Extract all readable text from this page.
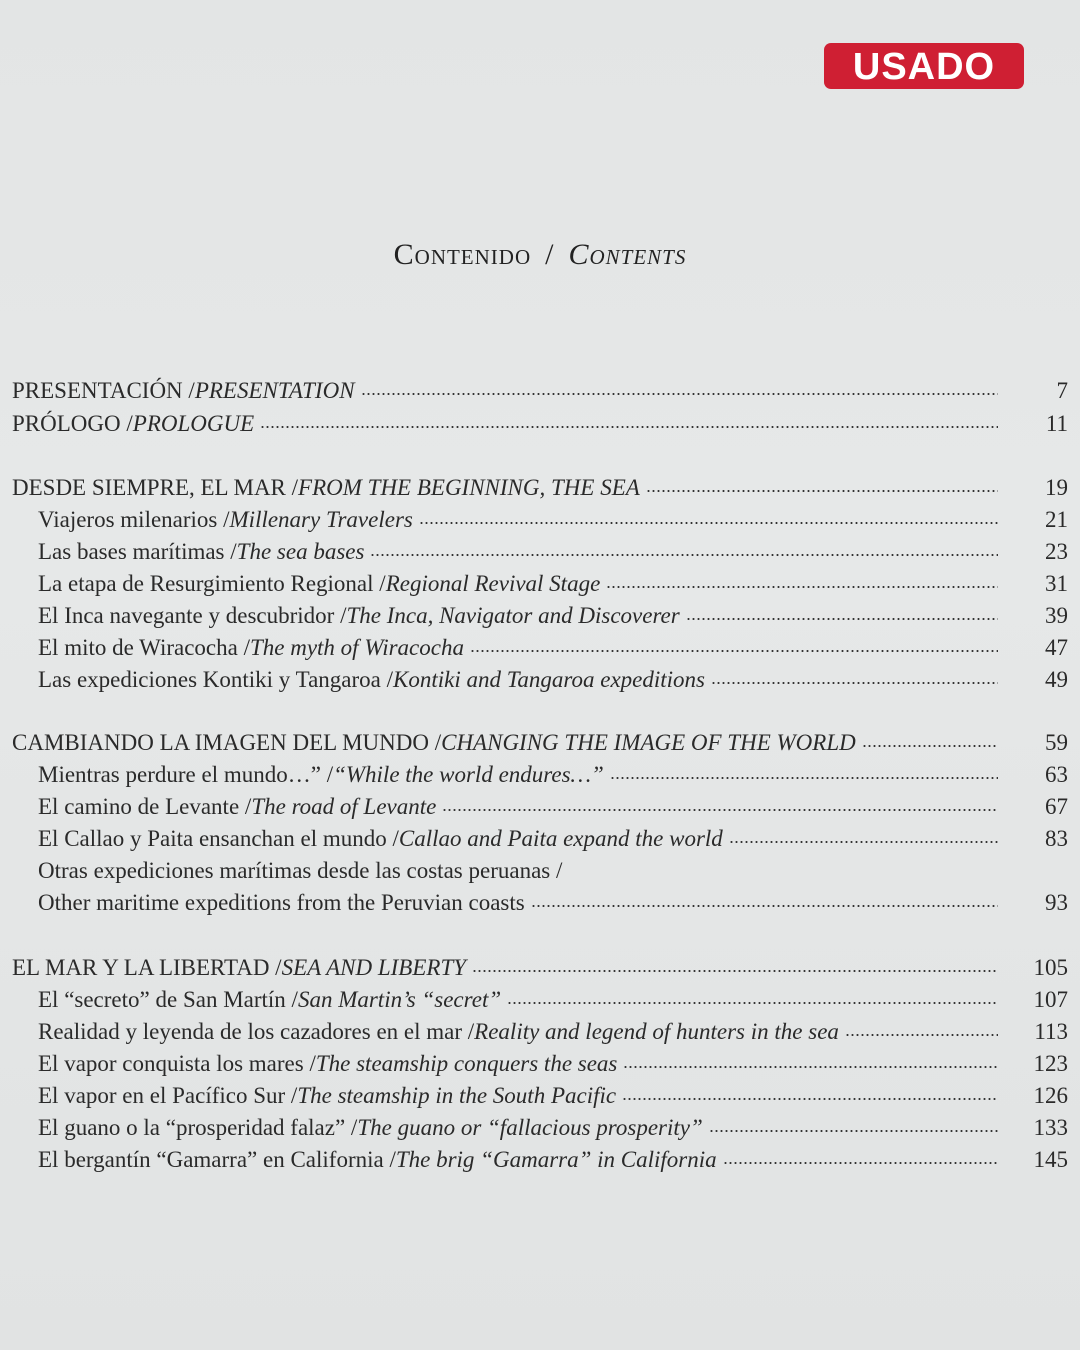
USADO
Contenido / Contents
PRESENTACIÓN / PRESENTATION	7
PRÓLOGO / PROLOGUE	11
DESDE SIEMPRE, EL MAR / FROM THE BEGINNING, THE SEA	19
Viajeros milenarios / Millenary Travelers	21
Las bases marítimas / The sea bases	23
La etapa de Resurgimiento Regional / Regional Revival Stage	31
El Inca navegante y descubridor / The Inca, Navigator and Discoverer	39
El mito de Wiracocha / The myth of Wiracocha	47
Las expediciones Kontiki y Tangaroa / Kontiki and Tangaroa expeditions	49
CAMBIANDO LA IMAGEN DEL MUNDO / CHANGING THE IMAGE OF THE WORLD	59
Mientras perdure el mundo…” / “While the world endures…”	63
El camino de Levante / The road of Levante	67
El Callao y Paita ensanchan el mundo / Callao and Paita expand the world	83
Otras expediciones marítimas desde las costas peruanas /
Other maritime expeditions from the Peruvian coasts	93
EL MAR Y LA LIBERTAD / SEA AND LIBERTY	105
El “secreto” de San Martín / San Martin’s “secret”	107
Realidad y leyenda de los cazadores en el mar / Reality and legend of hunters in the sea	113
El vapor conquista los mares / The steamship conquers the seas	123
El vapor en el Pacífico Sur / The steamship in the South Pacific	126
El guano o la “prosperidad falaz” / The guano or “fallacious prosperity”	133
El bergantín “Gamarra” en California / The brig “Gamarra” in California	145
